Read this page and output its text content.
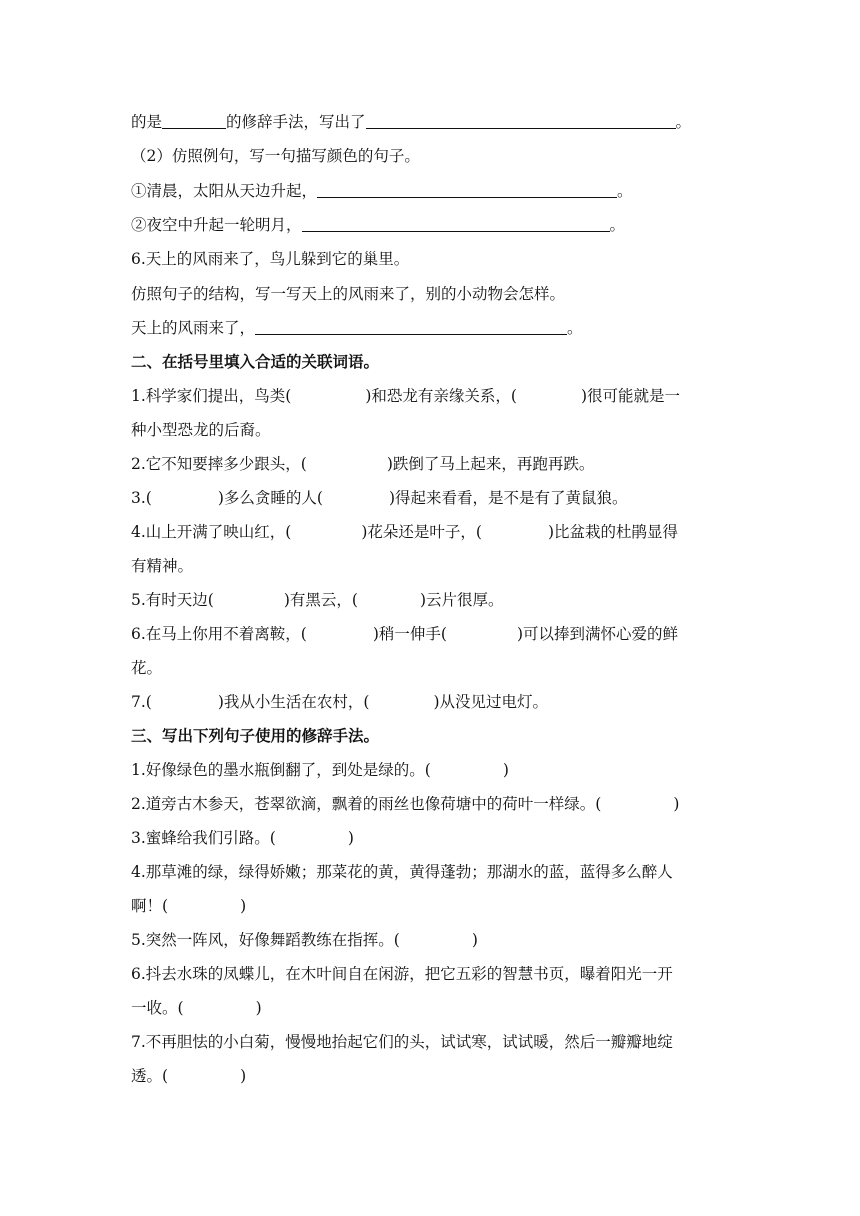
的是	的修辞手法，写出了	。
（2）仿照例句，写一句描写颜色的句子。
①清晨，太阳从天边升起，	。
②夜空中升起一轮明月，	。
6.天上的风雨来了，鸟儿躲到它的巢里。
仿照句子的结构，写一写天上的风雨来了，别的小动物会怎样。
天上的风雨来了，	。
二、在括号里填入合适的关联词语。
1.科学家们提出，鸟类(	)和恐龙有亲缘关系，(	)很可能就是一
种小型恐龙的后裔。
2.它不知要摔多少跟头，(	)跌倒了马上起来，再跑再跌。
3.(	)多么贪睡的人(	)得起来看看，是不是有了黄鼠狼。
4.山上开满了映山红，(	)花朵还是叶子，(	)比盆栽的杜鹃显得
有精神。
5.有时天边(	)有黑云，(	)云片很厚。
6.在马上你用不着离鞍，(	)稍一伸手(	)可以捧到满怀心爱的鲜
花。
7.(	)我从小生活在农村，(	)从没见过电灯。
三、写出下列句子使用的修辞手法。
1.好像绿色的墨水瓶倒翻了，到处是绿的。(	)
2.道旁古木参天，苍翠欲滴，飘着的雨丝也像荷塘中的荷叶一样绿。(	)
3.蜜蜂给我们引路。(	)
4.那草滩的绿，绿得娇嫩；那菜花的黄，黄得蓬勃；那湖水的蓝，蓝得多么醉人
啊！(	)
5.突然一阵风，好像舞蹈教练在指挥。(	)
6.抖去水珠的凤蝶儿，在木叶间自在闲游，把它五彩的智慧书页，曝着阳光一开
一收。(	)
7.不再胆怯的小白菊，慢慢地抬起它们的头，试试寒，试试暖，然后一瓣瓣地绽
透。(	)
